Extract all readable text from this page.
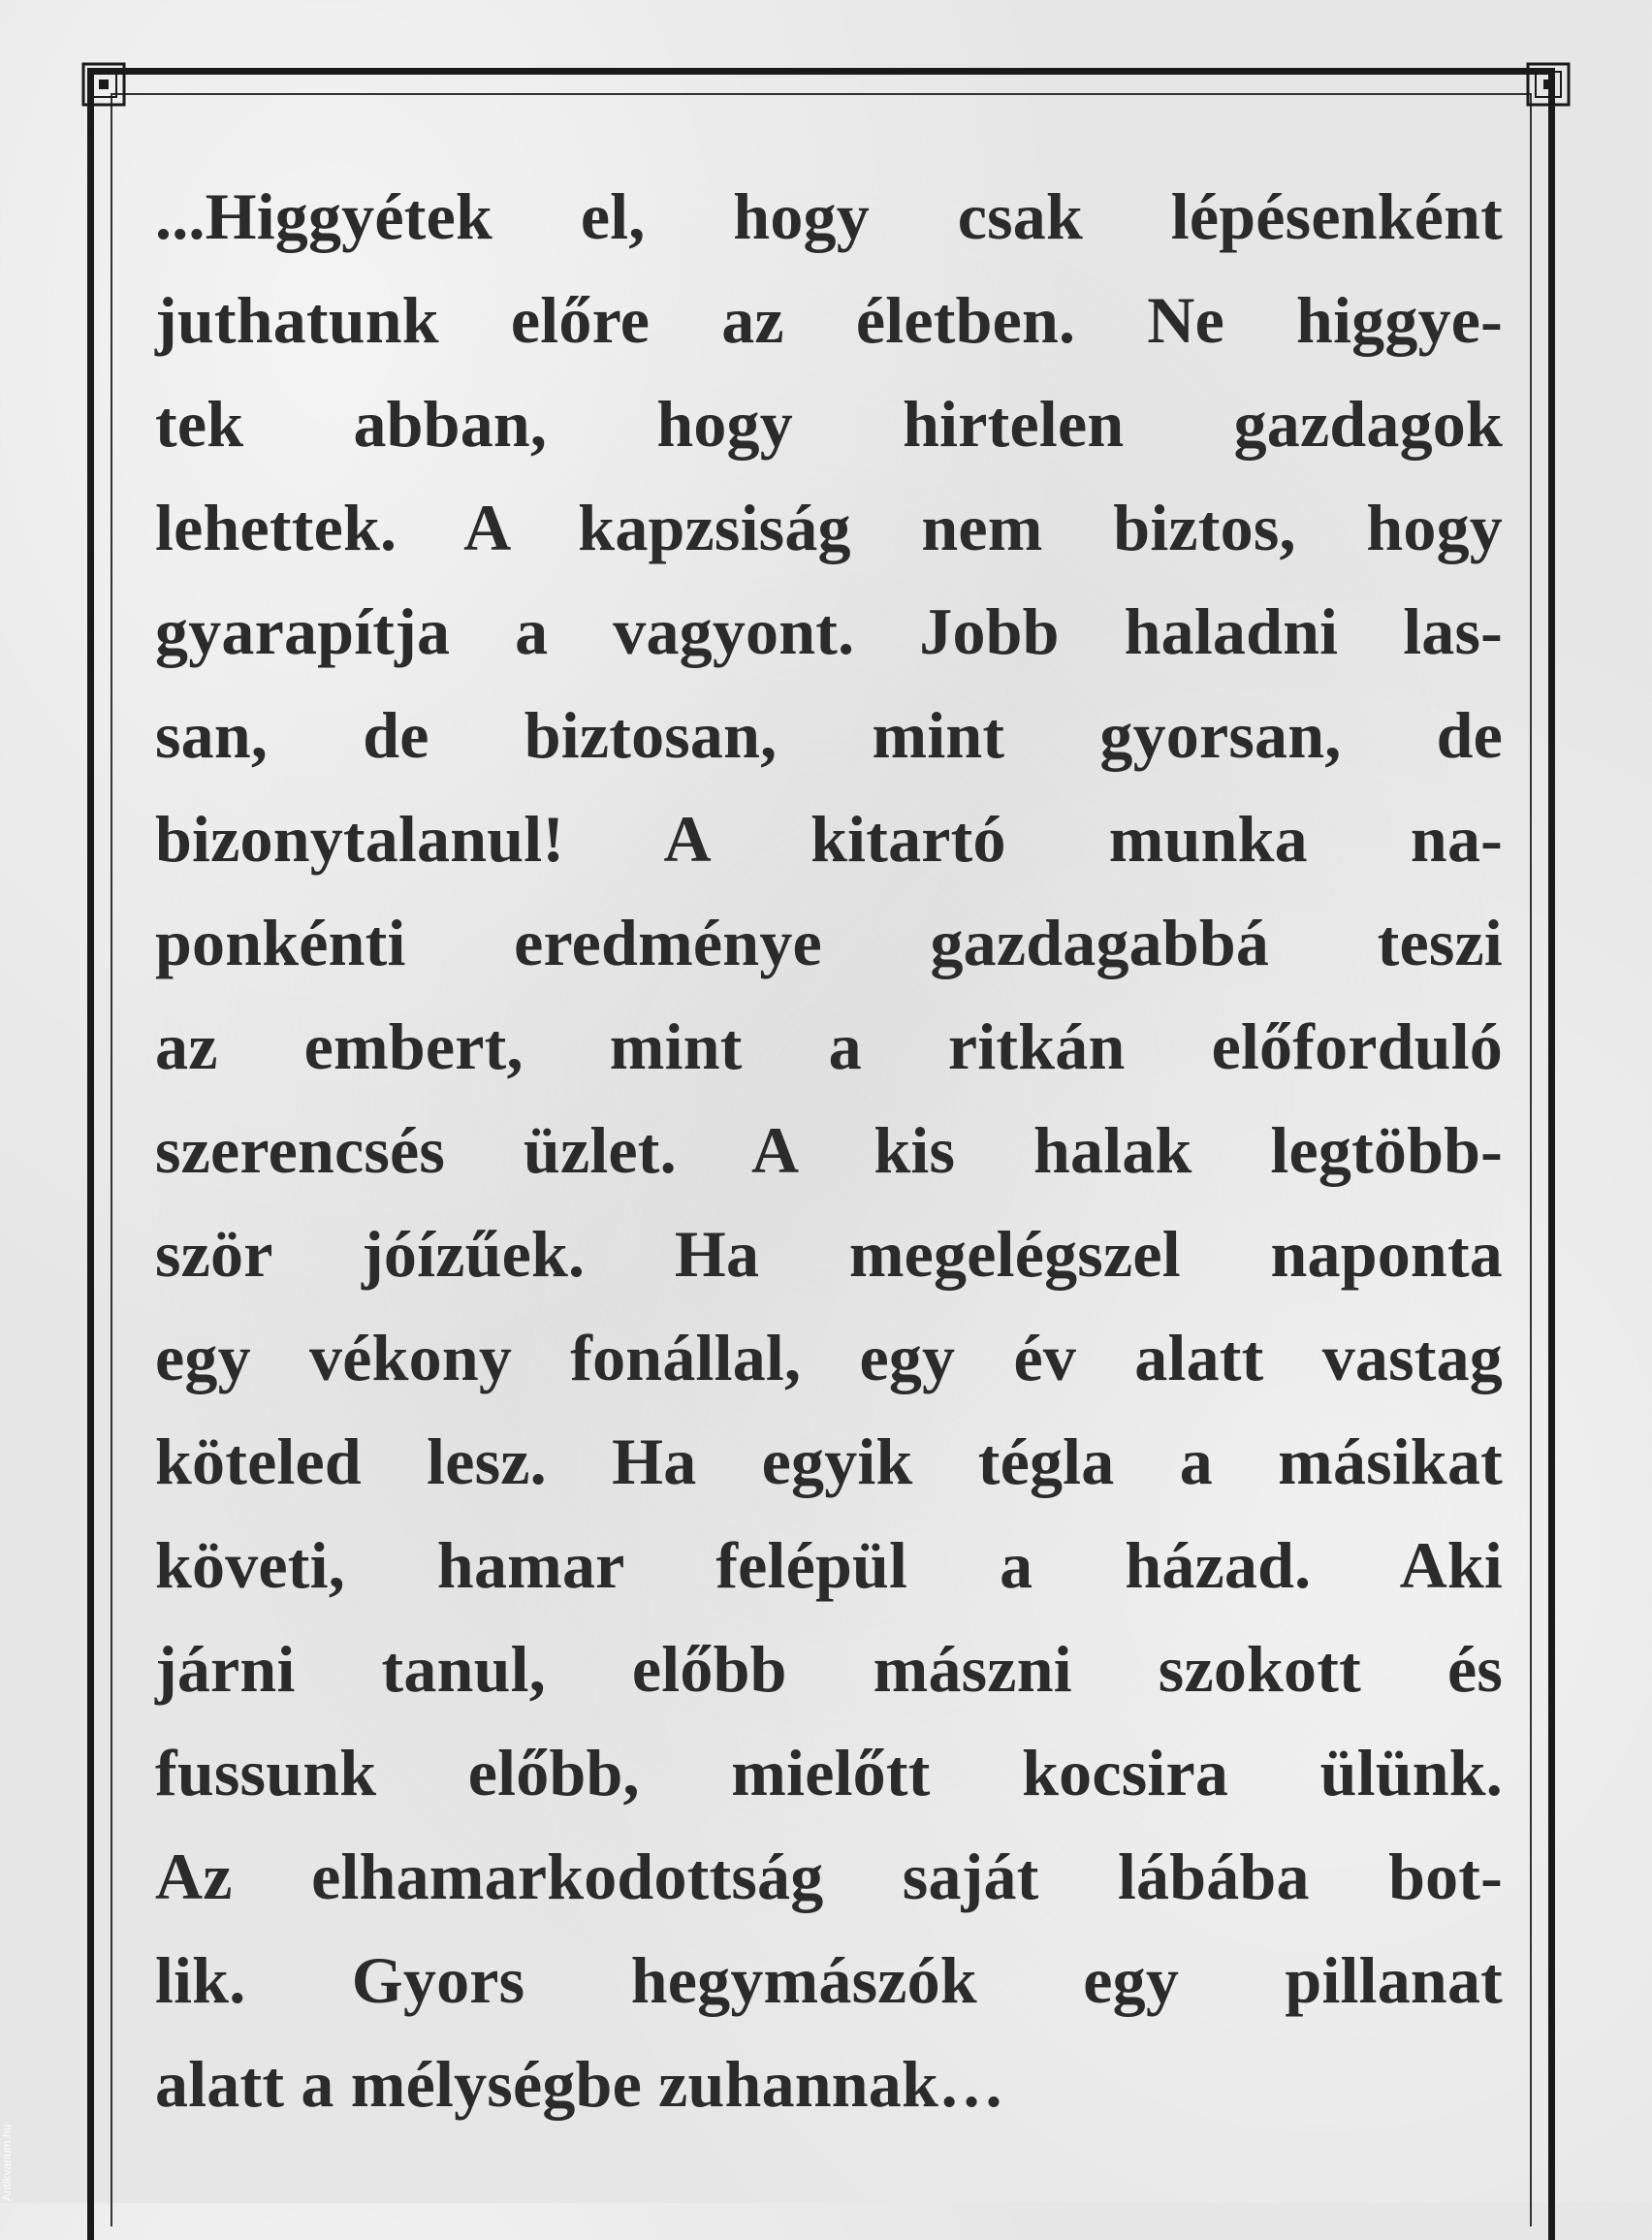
...Higgyétek el, hogy csak lépésenként
juthatunk előre az életben. Ne higgye-
tek abban, hogy hirtelen gazdagok
lehettek. A kapzsiság nem biztos, hogy
gyarapítja a vagyont. Jobb haladni las-
san, de biztosan, mint gyorsan, de
bizonytalanul! A kitartó munka na-
ponkénti eredménye gazdagabbá teszi
az embert, mint a ritkán előforduló
szerencsés üzlet. A kis halak legtöbb-
ször jóízűek. Ha megelégszel naponta
egy vékony fonállal, egy év alatt vastag
köteled lesz. Ha egyik tégla a másikat
követi, hamar felépül a házad. Aki
járni tanul, előbb mászni szokott és
fussunk előbb, mielőtt kocsira ülünk.
Az elhamarkodottság saját lábába bot-
lik. Gyors hegymászók egy pillanat
alatt a mélységbe zuhannak…
Antikvarium.hu
